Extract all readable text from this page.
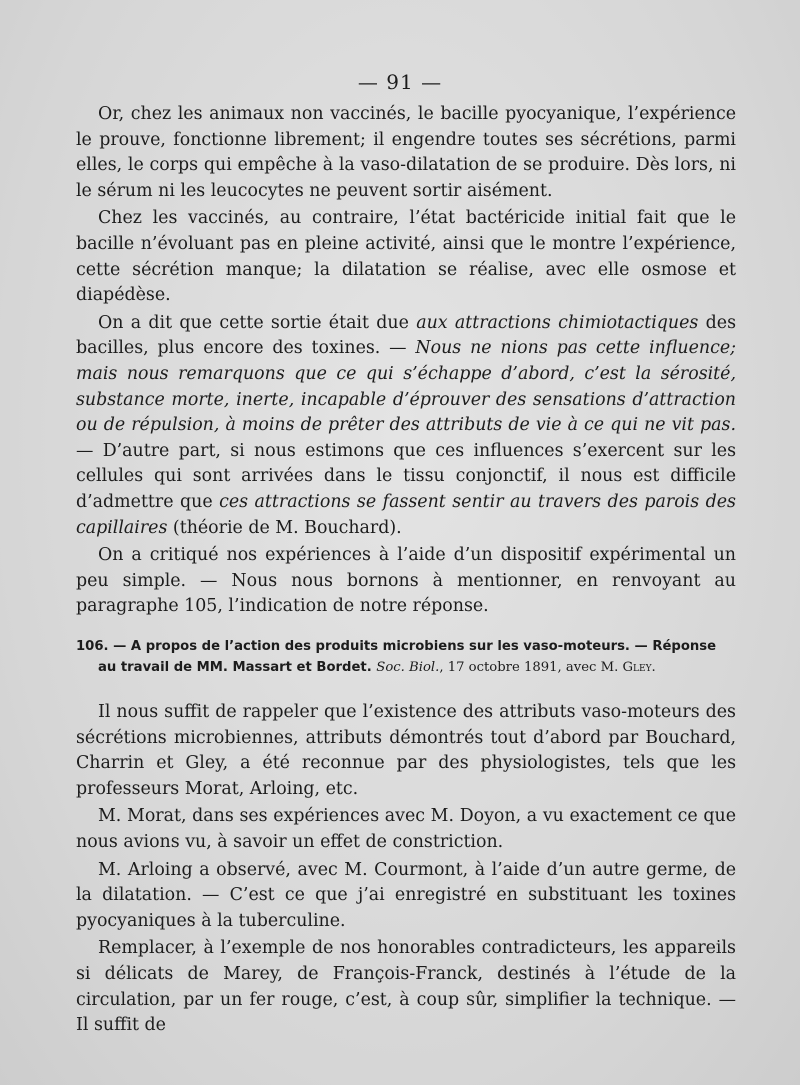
— 91 —

Or, chez les animaux non vaccinés, le bacille pyocyanique, l’expérience le prouve, fonctionne librement; il engendre toutes ses sécrétions, parmi elles, le corps qui empêche à la vaso-dilatation de se produire. Dès lors, ni le sérum ni les leucocytes ne peuvent sortir aisément.

Chez les vaccinés, au contraire, l’état bactéricide initial fait que le bacille n’évoluant pas en pleine activité, ainsi que le montre l’expérience, cette sécrétion manque; la dilatation se réalise, avec elle osmose et diapédèse.

On a dit que cette sortie était due aux attractions chimiotactiques des bacilles, plus encore des toxines. — Nous ne nions pas cette influence; mais nous remarquons que ce qui s’échappe d’abord, c’est la sérosité, substance morte, inerte, incapable d’éprouver des sensations d’attraction ou de répulsion, à moins de prêter des attributs de vie à ce qui ne vit pas. — D’autre part, si nous estimons que ces influences s’exercent sur les cellules qui sont arrivées dans le tissu conjonctif, il nous est difficile d’admettre que ces attractions se fassent sentir au travers des parois des capillaires (théorie de M. Bouchard).

On a critiqué nos expériences à l’aide d’un dispositif expérimental un peu simple. — Nous nous bornons à mentionner, en renvoyant au paragraphe 105, l’indication de notre réponse.

106. — A propos de l’action des produits microbiens sur les vaso-moteurs. — Réponse
au travail de MM. Massart et Bordet. Soc. Biol., 17 octobre 1891, avec M. Gley.

Il nous suffit de rappeler que l’existence des attributs vaso-moteurs des sécrétions microbiennes, attributs démontrés tout d’abord par Bouchard, Charrin et Gley, a été reconnue par des physiologistes, tels que les professeurs Morat, Arloing, etc.

M. Morat, dans ses expériences avec M. Doyon, a vu exactement ce que nous avions vu, à savoir un effet de constriction.

M. Arloing a observé, avec M. Courmont, à l’aide d’un autre germe, de la dilatation. — C’est ce que j’ai enregistré en substituant les toxines pyocyaniques à la tuberculine.

Remplacer, à l’exemple de nos honorables contradicteurs, les appareils si délicats de Marey, de François-Franck, destinés à l’étude de la circulation, par un fer rouge, c’est, à coup sûr, simplifier la technique. — Il suffit de
